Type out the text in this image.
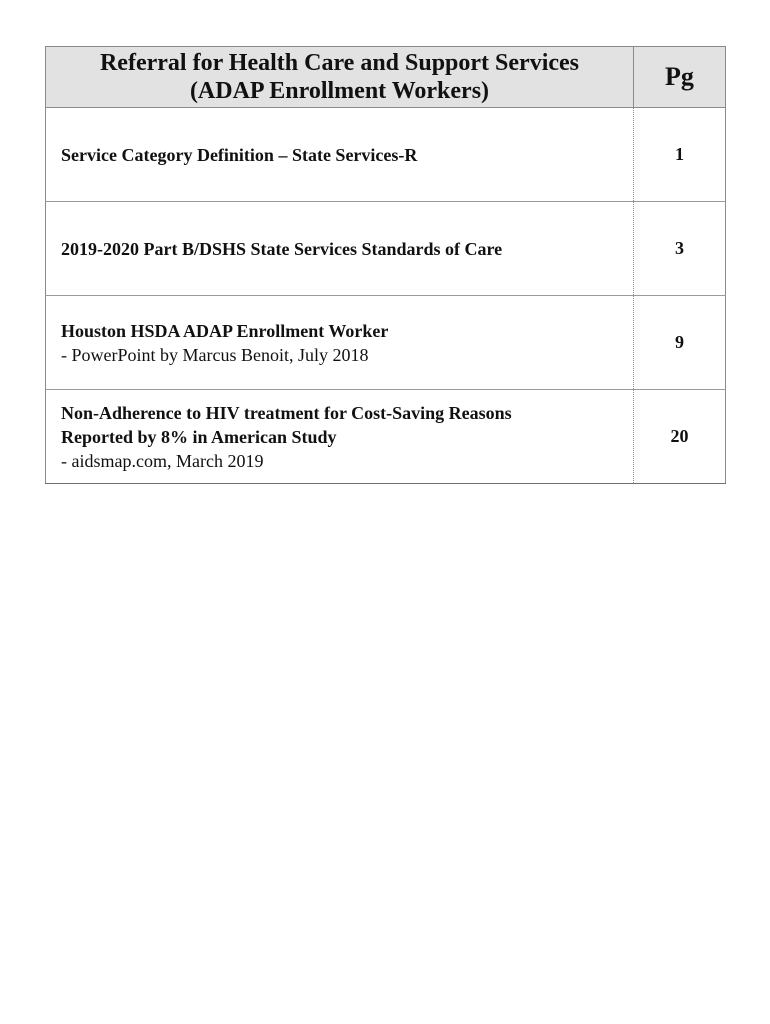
Referral for Health Care and Support Services
(ADAP Enrollment Workers)	Pg

Service Category Definition – State Services-R	1

2019-2020 Part B/DSHS State Services Standards of Care	3

Houston HSDA ADAP Enrollment Worker
- PowerPoint by Marcus Benoit, July 2018	9

Non-Adherence to HIV treatment for Cost-Saving Reasons
Reported by 8% in American Study
- aidsmap.com, March 2019	20
